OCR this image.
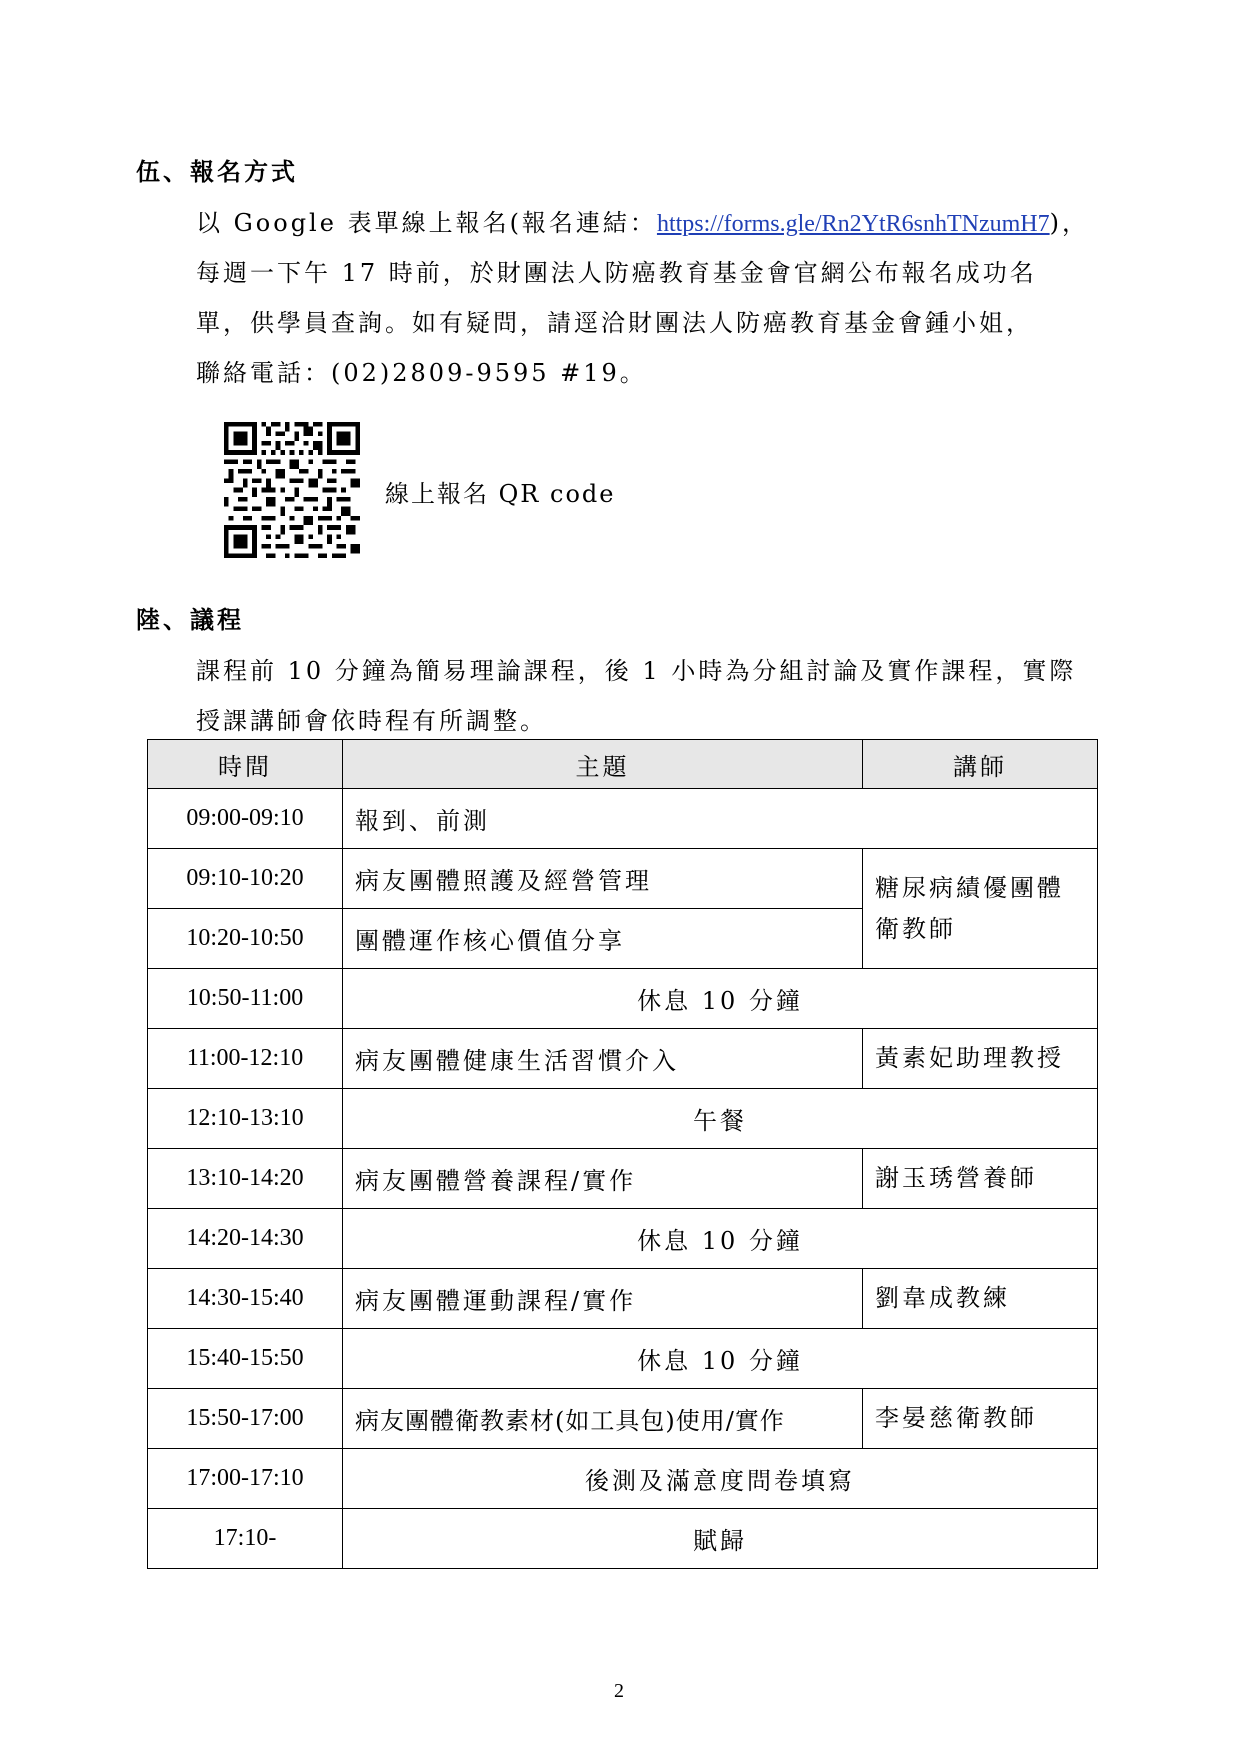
伍、報名方式
以 Google 表單線上報名(報名連結：https://forms.gle/Rn2YtR6snhTNzumH7)，
每週一下午 17 時前，於財團法人防癌教育基金會官網公布報名成功名
單，供學員查詢。如有疑問，請逕洽財團法人防癌教育基金會鍾小姐，
聯絡電話：(02)2809-9595 #19。
線上報名 QR code
陸、議程
課程前 10 分鐘為簡易理論課程，後 1 小時為分組討論及實作課程，實際
授課講師會依時程有所調整。
時間	主題	講師
09:00-09:10	報到、前測	
09:10-10:20	病友團體照護及經營管理	糖尿病績優團體衛教師
10:20-10:50	團體運作核心價值分享	
10:50-11:00	休息 10 分鐘	
11:00-12:10	病友團體健康生活習慣介入	黃素妃助理教授
12:10-13:10	午餐	
13:10-14:20	病友團體營養課程/實作	謝玉琇營養師
14:20-14:30	休息 10 分鐘	
14:30-15:40	病友團體運動課程/實作	劉韋成教練
15:40-15:50	休息 10 分鐘	
15:50-17:00	病友團體衛教素材(如工具包)使用/實作	李晏慈衛教師
17:00-17:10	後測及滿意度問卷填寫	
17:10-	賦歸	
2
